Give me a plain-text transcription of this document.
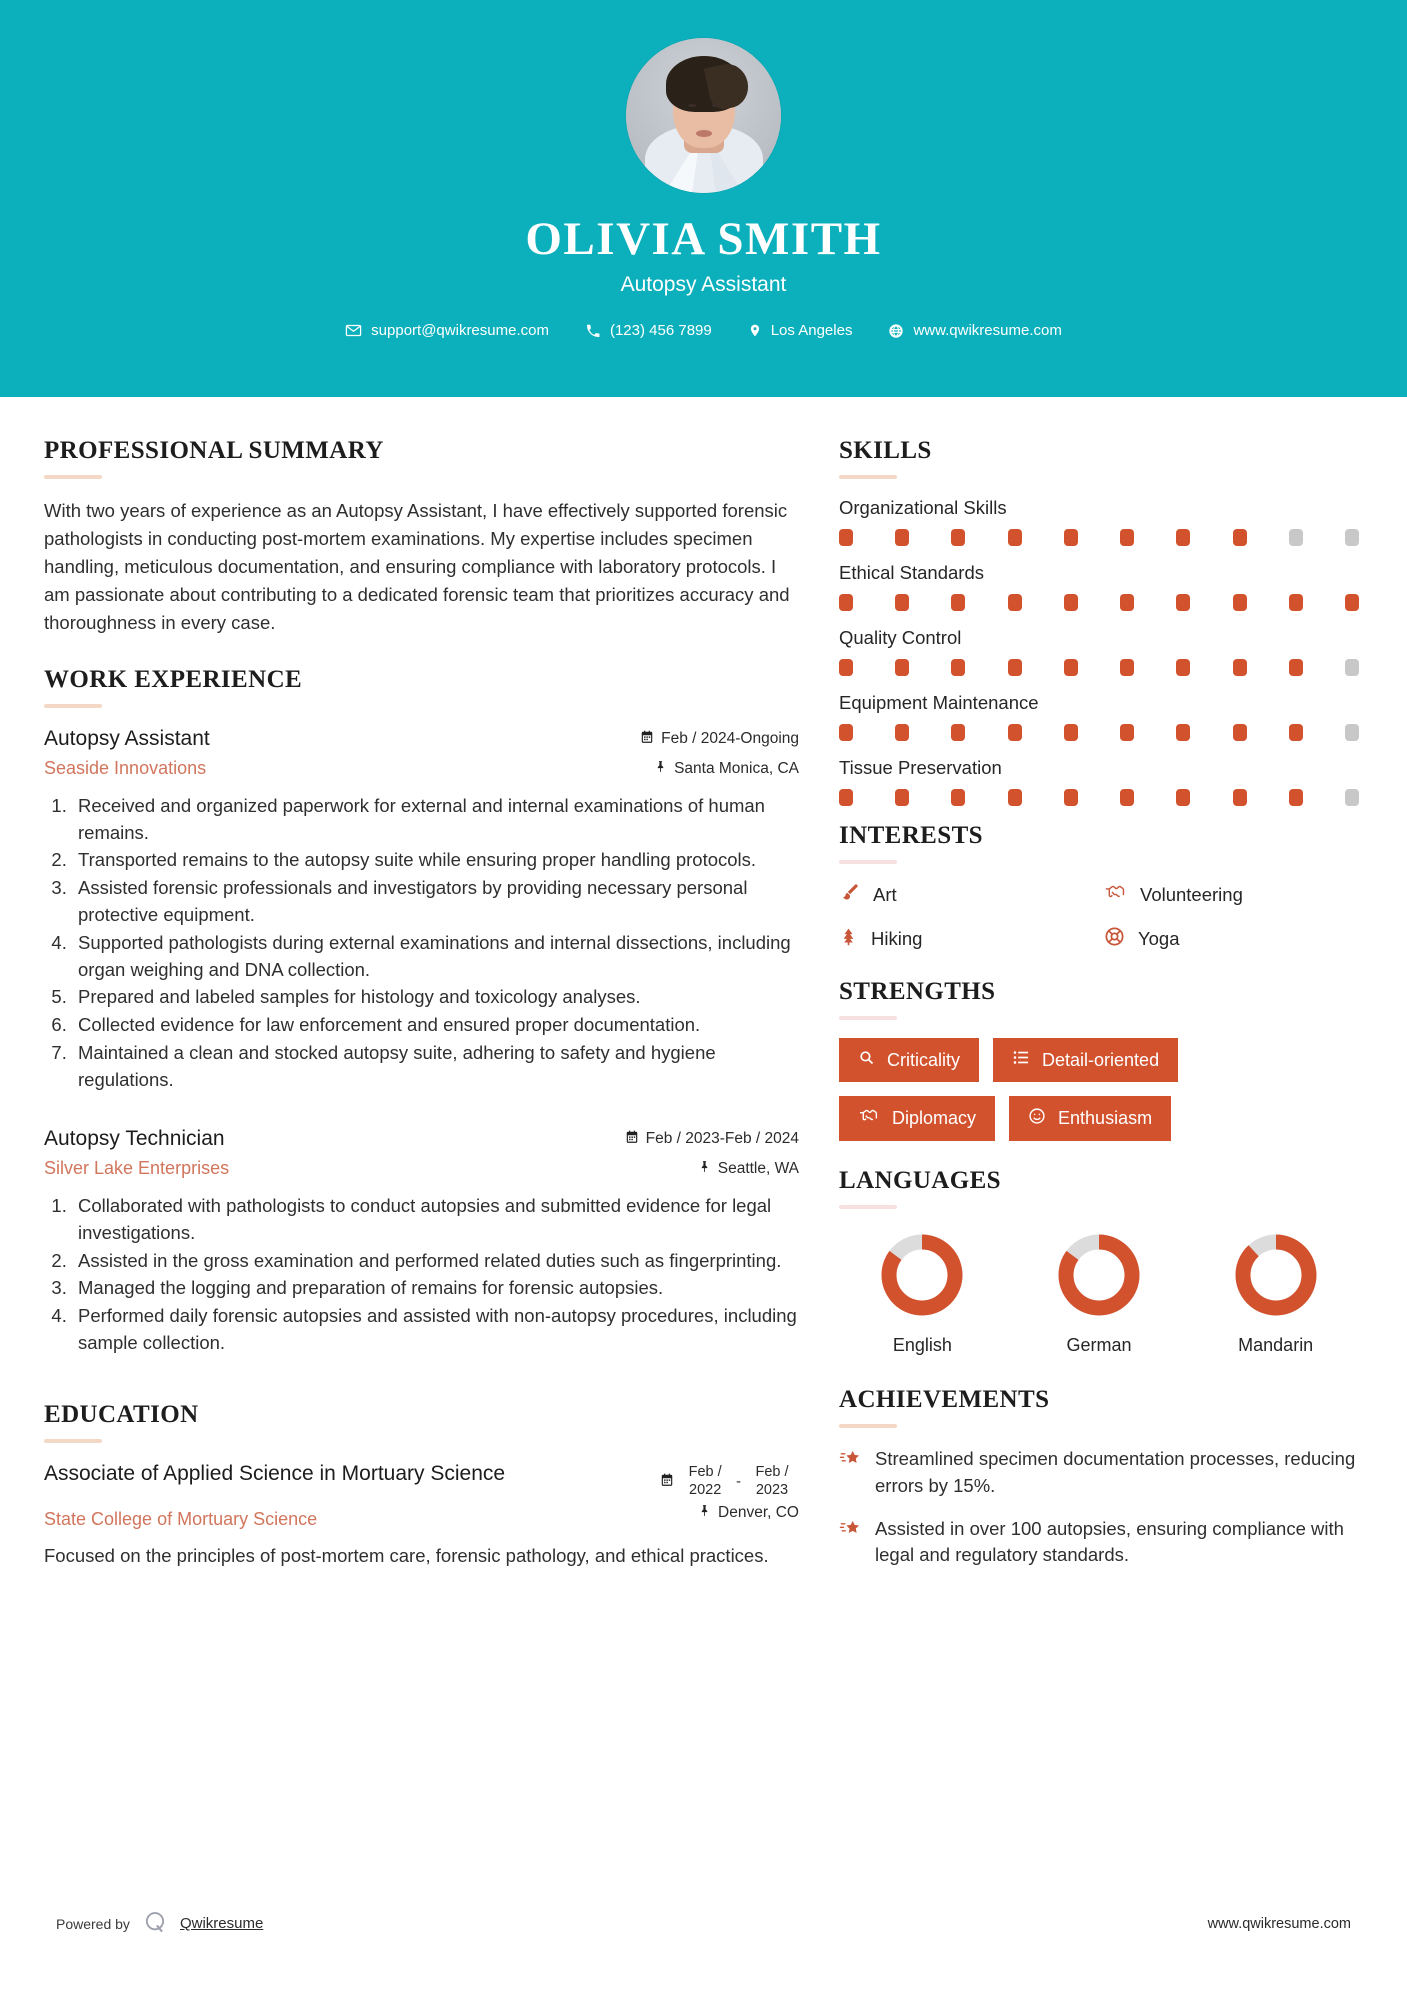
OLIVIA SMITH
Autopsy Assistant
support@qwikresume.com	(123) 456 7899	Los Angeles	www.qwikresume.com
PROFESSIONAL SUMMARY
With two years of experience as an Autopsy Assistant, I have effectively supported forensic pathologists in conducting post-mortem examinations. My expertise includes specimen handling, meticulous documentation, and ensuring compliance with laboratory protocols. I am passionate about contributing to a dedicated forensic team that prioritizes accuracy and thoroughness in every case.
WORK EXPERIENCE
Autopsy Assistant
Seaside Innovations
Feb / 2024-Ongoing
Santa Monica, CA
1. Received and organized paperwork for external and internal examinations of human remains.
2. Transported remains to the autopsy suite while ensuring proper handling protocols.
3. Assisted forensic professionals and investigators by providing necessary personal protective equipment.
4. Supported pathologists during external examinations and internal dissections, including organ weighing and DNA collection.
5. Prepared and labeled samples for histology and toxicology analyses.
6. Collected evidence for law enforcement and ensured proper documentation.
7. Maintained a clean and stocked autopsy suite, adhering to safety and hygiene regulations.
Autopsy Technician
Silver Lake Enterprises
Feb / 2023-Feb / 2024
Seattle, WA
1. Collaborated with pathologists to conduct autopsies and submitted evidence for legal investigations.
2. Assisted in the gross examination and performed related duties such as fingerprinting.
3. Managed the logging and preparation of remains for forensic autopsies.
4. Performed daily forensic autopsies and assisted with non-autopsy procedures, including sample collection.
EDUCATION
Associate of Applied Science in Mortuary Science	Feb / 2022
-
Feb / 2023
State College of Mortuary Science	Denver, CO
Focused on the principles of post-mortem care, forensic pathology, and ethical practices.
SKILLS
Organizational Skills
Ethical Standards
Quality Control
Equipment Maintenance
Tissue Preservation
INTERESTS
Art	Volunteering
Hiking	Yoga
STRENGTHS
Criticality	Detail-oriented
Diplomacy	Enthusiasm
LANGUAGES
English	German	Mandarin
ACHIEVEMENTS
Streamlined specimen documentation processes, reducing errors by 15%.
Assisted in over 100 autopsies, ensuring compliance with legal and regulatory standards.
Powered by	Qwikresume	www.qwikresume.com
